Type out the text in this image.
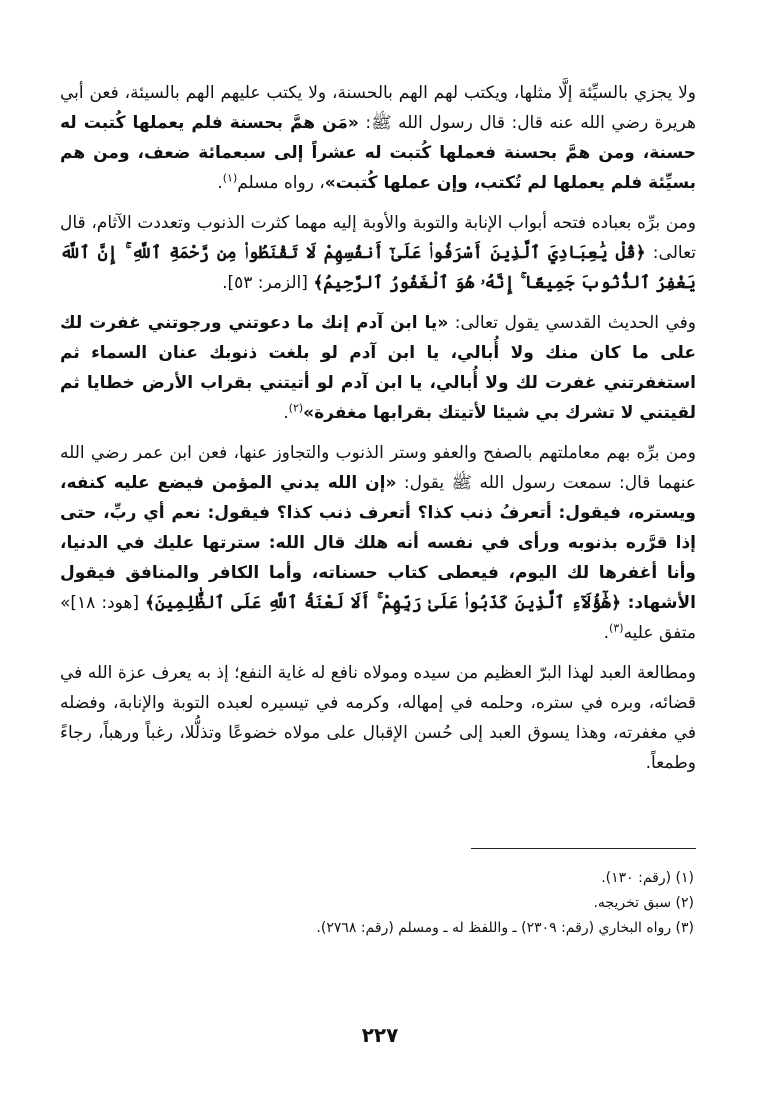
ولا يجزي بالسيِّئة إلَّا مثلها، ويكتب لهم الهم بالحسنة، ولا يكتب عليهم الهم بالسيئة، فعن أبي هريرة رضي الله عنه قال: قال رسول الله ﷺ: «مَن همَّ بحسنة فلم يعملها كُتبت له حسنة، ومن همَّ بحسنة فعملها كُتبت له عشراً إلى سبعمائة ضعف، ومن هم بسيِّئة فلم يعملها لم تُكتب، وإن عملها كُتبت»، رواه مسلم$^{(١)}$.

ومن برِّه بعباده فتحه أبواب الإنابة والتوبة والأوبة إليه مهما كثرت الذنوب وتعددت الآثام، قال تعالى: ﴿قُلْ يَٰعِبَادِيَ ٱلَّذِينَ أَسْرَفُوا۟ عَلَىٰٓ أَنفُسِهِمْ لَا تَقْنَطُوا۟ مِن رَّحْمَةِ ٱللَّهِ ۚ إِنَّ ٱللَّهَ يَغْفِرُ ٱلذُّنُوبَ جَمِيعًا ۚ إِنَّهُۥ هُوَ ٱلْغَفُورُ ٱلرَّحِيمُ﴾ [الزمر: ٥٣].

وفي الحديث القدسي يقول تعالى: «يا ابن آدم إنك ما دعوتني ورجوتني غفرت لك على ما كان منك ولا أُبالي، يا ابن آدم لو بلغت ذنوبك عنان السماء ثم استغفرتني غفرت لك ولا أُبالي، يا ابن آدم لو أتيتني بقراب الأرض خطايا ثم لقيتني لا تشرك بي شيئا لأتيتك بقرابها مغفرة»$^{(٢)}$.

ومن برِّه بهم معاملتهم بالصفح والعفو وستر الذنوب والتجاوز عنها، فعن ابن عمر رضي الله عنهما قال: سمعت رسول الله ﷺ يقول: «إن الله يدني المؤمن فيضع عليه كنفه، ويستره، فيقول: أتعرفُ ذنب كذا؟ أتعرف ذنب كذا؟ فيقول: نعم أي ربِّ، حتى إذا قرَّره بذنوبه ورأى في نفسه أنه هلك قال الله: سترتها عليك في الدنيا، وأنا أغفرها لك اليوم، فيعطى كتاب حسناته، وأما الكافر والمنافق فيقول الأشهاد: ﴿هَٰٓؤُلَآءِ ٱلَّذِينَ كَذَبُوا۟ عَلَىٰ رَبِّهِمْ ۚ أَلَا لَعْنَةُ ٱللَّهِ عَلَى ٱلظَّٰلِمِينَ﴾ [هود: ١٨]» متفق عليه$^{(٣)}$.

ومطالعة العبد لهذا البرّ العظيم من سيده ومولاه نافع له غاية النفع؛ إذ به يعرف عزة الله في قضائه، وبره في ستره، وحلمه في إمهاله، وكرمه في تيسيره لعبده التوبة والإنابة، وفضله في مغفرته، وهذا يسوق العبد إلى حُسن الإقبال على مولاه خضوعًا وتذلُّلا، رغباً ورهباً، رجاءً وطمعاً.

(١) (رقم: ١٣٠).
(٢) سبق تخريجه.
(٣) رواه البخاري (رقم: ٢٣٠٩) ـ واللفظ له ـ ومسلم (رقم: ٢٧٦٨).
٢٢٧
